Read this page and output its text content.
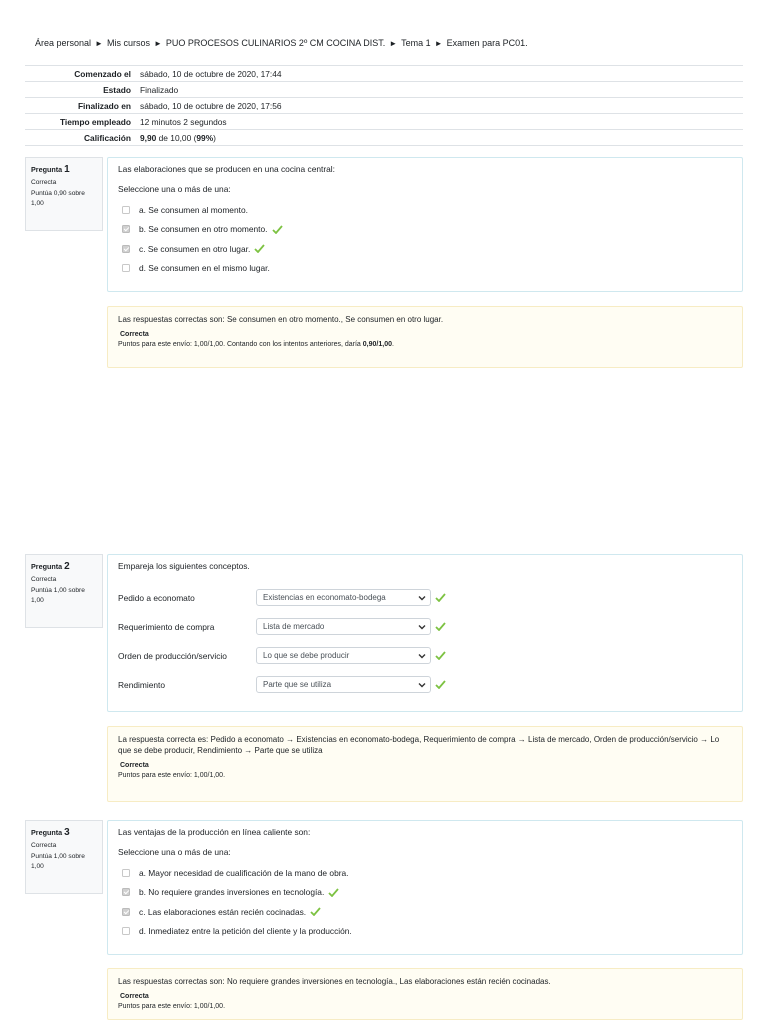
Área personal ► Mis cursos ► PUO PROCESOS CULINARIOS 2º CM COCINA DIST. ► Tema 1 ► Examen para PC01.
Comenzado el	sábado, 10 de octubre de 2020, 17:44
Estado	Finalizado
Finalizado en	sábado, 10 de octubre de 2020, 17:56
Tiempo empleado	12 minutos 2 segundos
Calificación	9,90 de 10,00 (99%)
Pregunta 1
Correcta
Puntúa 0,90 sobre 1,00
Las elaboraciones que se producen en una cocina central:
Seleccione una o más de una:
a. Se consumen al momento.
b. Se consumen en otro momento.
c. Se consumen en otro lugar.
d. Se consumen en el mismo lugar.
Las respuestas correctas son: Se consumen en otro momento., Se consumen en otro lugar.
Correcta
Puntos para este envío: 1,00/1,00. Contando con los intentos anteriores, daría 0,90/1,00.
Pregunta 2
Correcta
Puntúa 1,00 sobre 1,00
Empareja los siguientes conceptos.
Pedido a economato	Existencias en economato-bodega
Requerimiento de compra	Lista de mercado
Orden de producción/servicio	Lo que se debe producir
Rendimiento	Parte que se utiliza
La respuesta correcta es: Pedido a economato → Existencias en economato-bodega, Requerimiento de compra → Lista de mercado, Orden de producción/servicio → Lo que se debe producir, Rendimiento → Parte que se utiliza
Correcta
Puntos para este envío: 1,00/1,00.
Pregunta 3
Correcta
Puntúa 1,00 sobre 1,00
Las ventajas de la producción en línea caliente son:
Seleccione una o más de una:
a. Mayor necesidad de cualificación de la mano de obra.
b. No requiere grandes inversiones en tecnología.
c. Las elaboraciones están recién cocinadas.
d. Inmediatez entre la petición del cliente y la producción.
Las respuestas correctas son: No requiere grandes inversiones en tecnología., Las elaboraciones están recién cocinadas.
Correcta
Puntos para este envío: 1,00/1,00.
